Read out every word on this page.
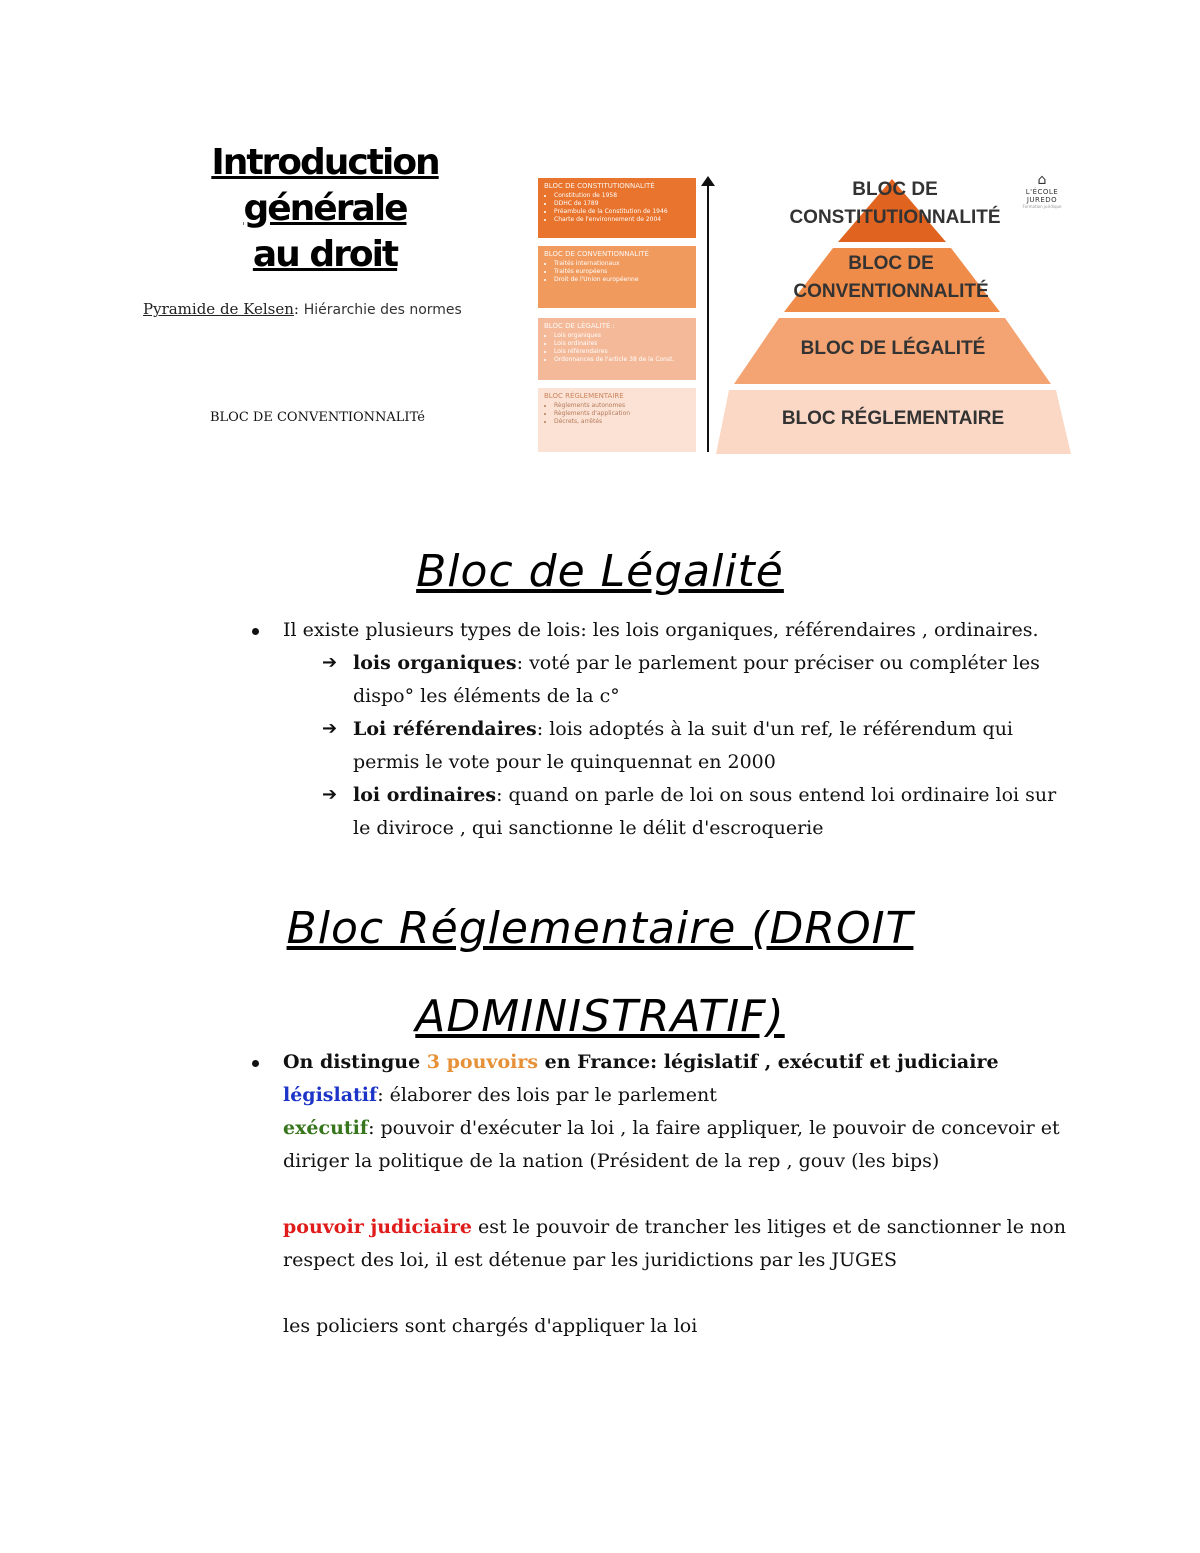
Introduction générale
au droit
Pyramide de Kelsen: Hiérarchie des normes
BLOC DE CONVENTIONNALITé
BLOC DE CONSTITUTIONNALITÉ
• Constitution de 1958
• DDHC de 1789
• Préambule de la Constitution de 1946
• Charte de l'environnement de 2004
BLOC DE CONVENTIONNALITÉ
• Traités internationaux
• Traités européens
• Droit de l'Union européenne
BLOC DE LÉGALITÉ :
• Lois organiques
• Lois ordinaires
• Lois référendaires
• Ordonnances de l'article 38 de la Const.
BLOC RÉGLEMENTAIRE
• Règlements autonomes
• Règlements d'application
• Décrets, arrêtés
BLOC DE
CONSTITUTIONNALITÉ
BLOC DE
CONVENTIONNALITÉ
BLOC DE LÉGALITÉ
BLOC RÉGLEMENTAIRE
⌂
L'ÉCOLE JUREDO
Formation juridique
Bloc de Légalité
Il existe plusieurs types de lois: les lois organiques, référendaires , ordinaires.
➔ lois organiques: voté par le parlement pour préciser ou compléter les
dispo° les éléments de la c°
➔ Loi référendaires: lois adoptés à la suit d'un ref, le référendum qui
permis le vote pour le quinquennat en 2000
➔ loi ordinaires: quand on parle de loi on sous entend loi ordinaire loi sur
le diviroce , qui sanctionne le délit d'escroquerie
Bloc Réglementaire (DROIT
ADMINISTRATIF)
On distingue 3 pouvoirs en France: législatif , exécutif et judiciaire
législatif: élaborer des lois par le parlement
exécutif: pouvoir d'exécuter la loi , la faire appliquer, le pouvoir de concevoir et
diriger la politique de la nation (Président de la rep , gouv (les bips)
pouvoir judiciaire est le pouvoir de trancher les litiges et de sanctionner le non
respect des loi, il est détenue par les juridictions par les JUGES
les policiers sont chargés d'appliquer la loi
